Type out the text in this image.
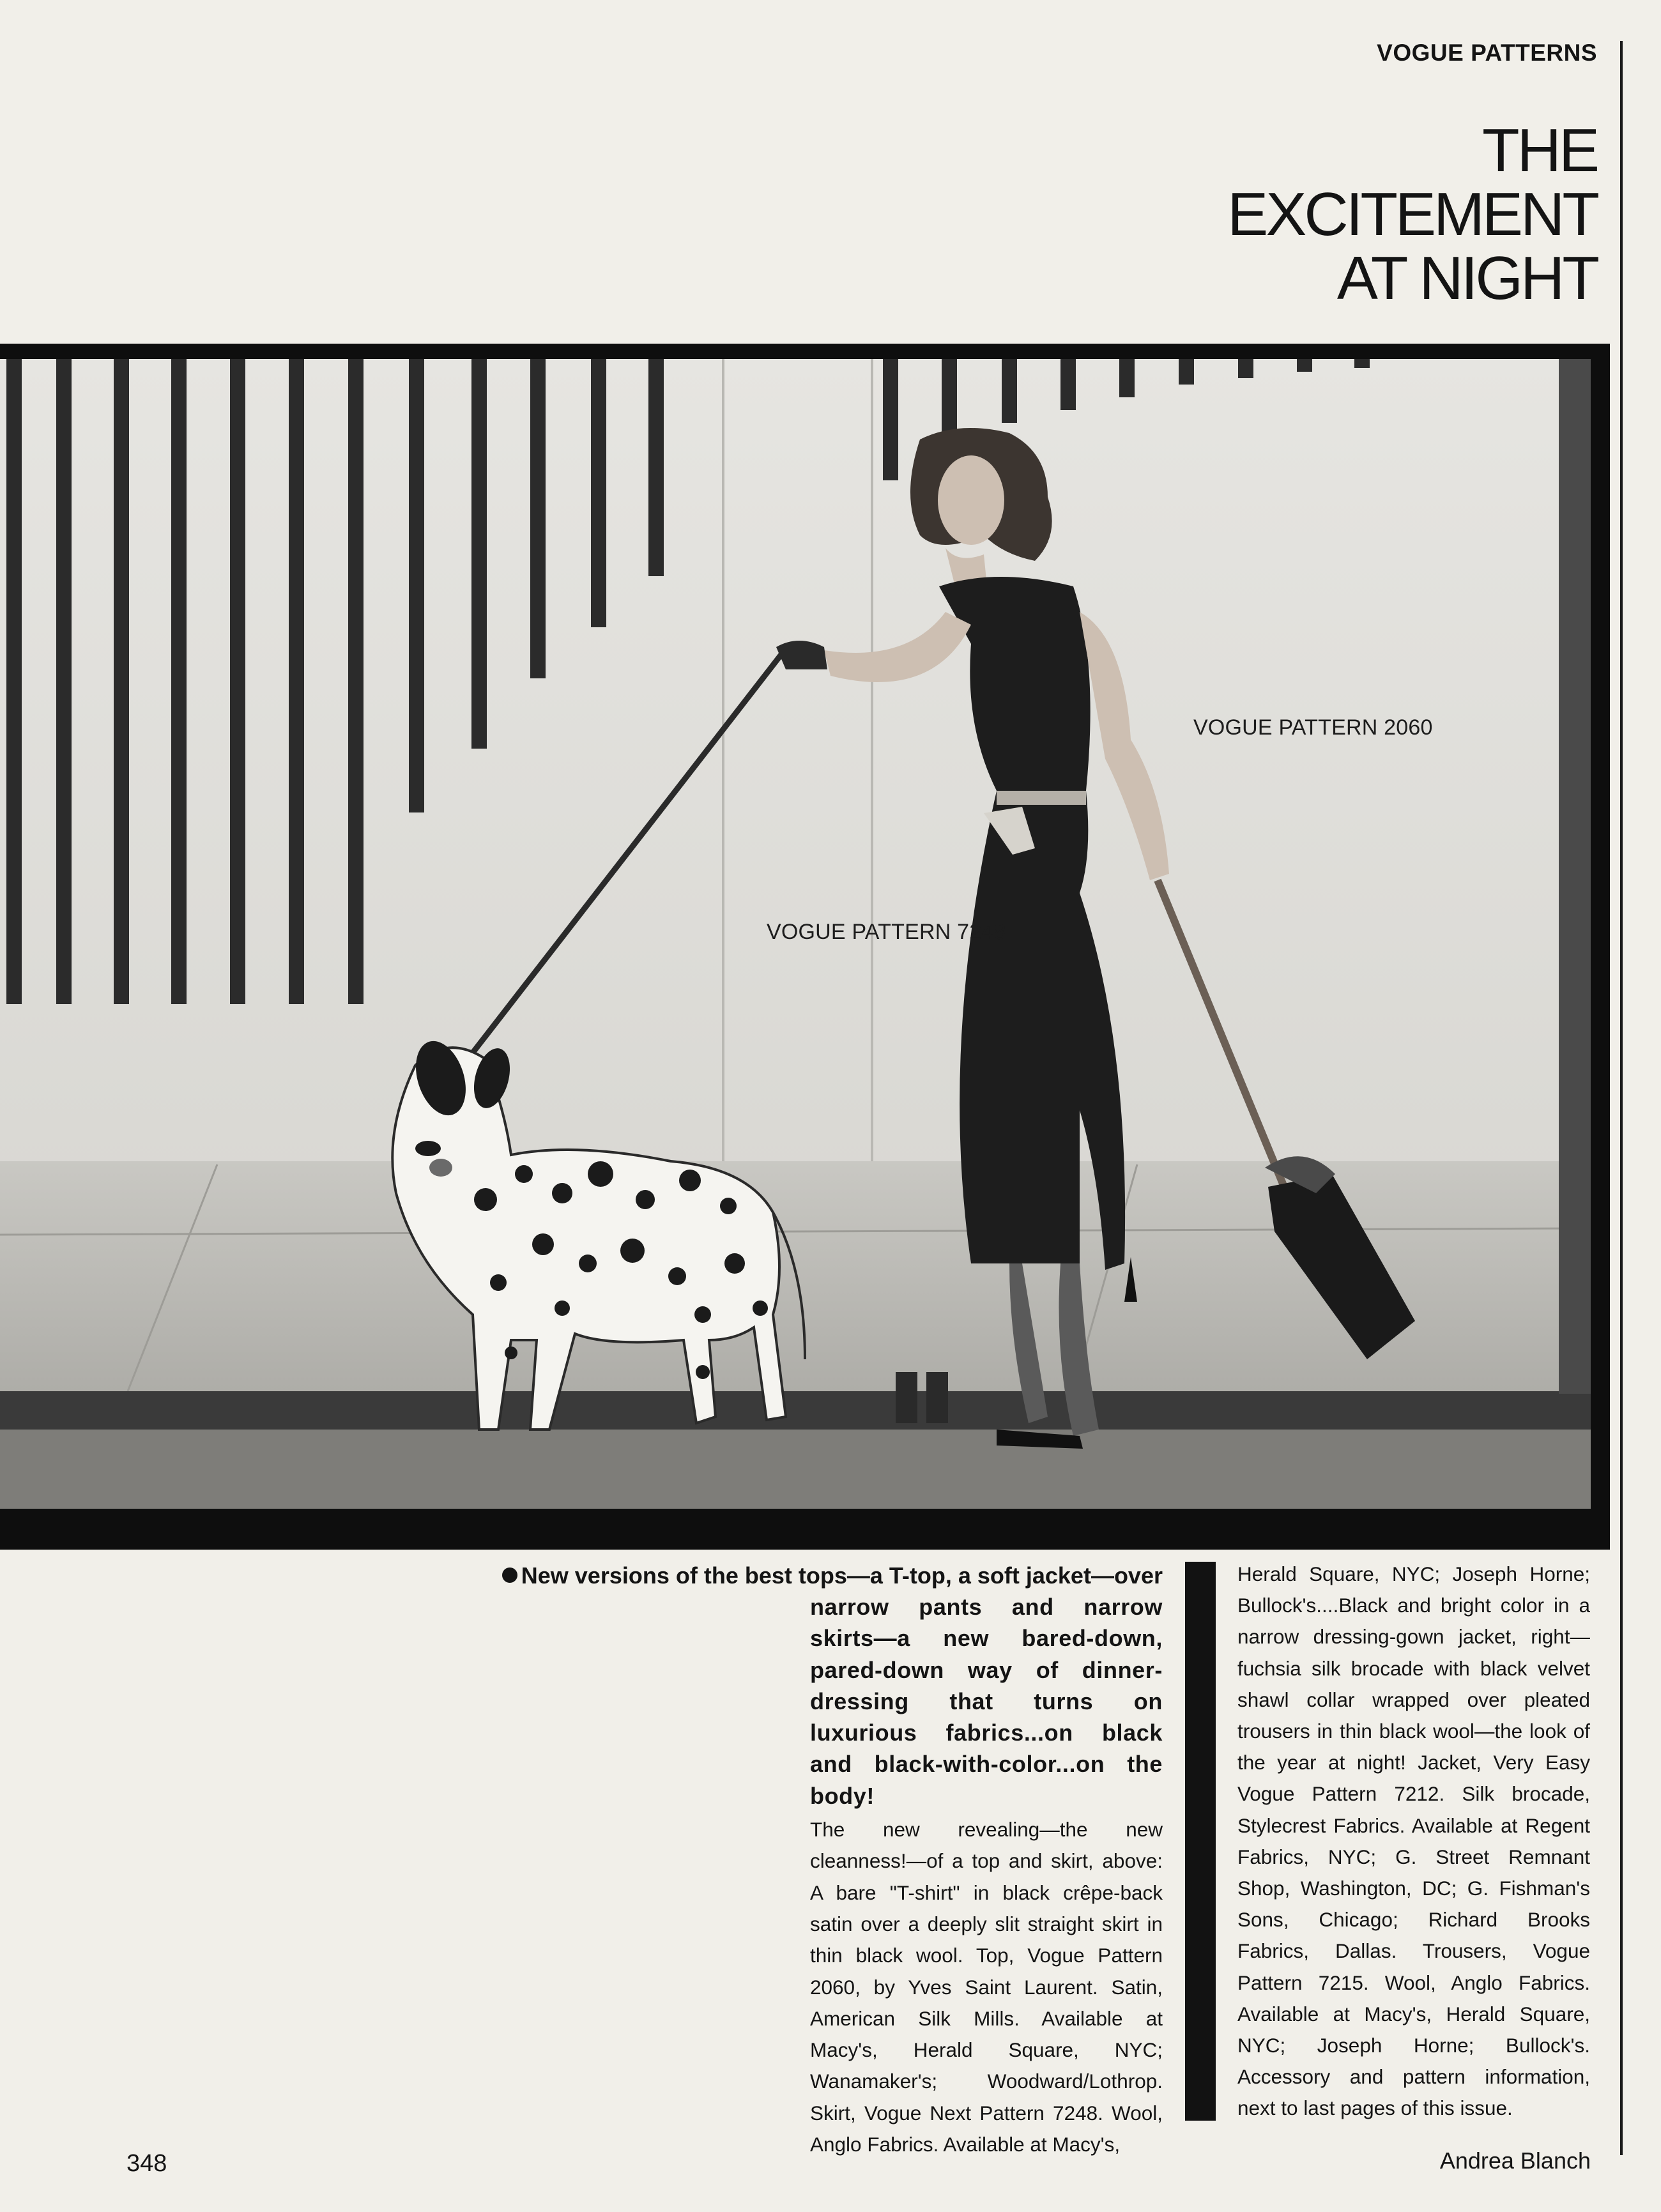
VOGUE PATTERNS
THE
EXCITEMENT
AT NIGHT
VOGUE PATTERN 2060
VOGUE PATTERN 7248
New versions of the best tops—a T-top, a soft jacket—over

narrow pants and narrow skirts—a new bared-down, pared-down way of dinner-dressing that turns on luxurious fabrics...on black and black-with-color...on the body!

The new revealing—the new cleanness!—of a top and skirt, above: A bare "T-shirt" in black crêpe-back satin over a deeply slit straight skirt in thin black wool. Top, Vogue Pattern 2060, by Yves Saint Laurent. Satin, American Silk Mills. Available at Macy's, Herald Square, NYC; Wanamaker's; Woodward/Lothrop. Skirt, Vogue Next Pattern 7248. Wool, Anglo Fabrics. Available at Macy's,

Herald Square, NYC; Joseph Horne; Bullock's....Black and bright color in a narrow dressing-gown jacket, right—fuchsia silk brocade with black velvet shawl collar wrapped over pleated trousers in thin black wool—the look of the year at night! Jacket, Very Easy Vogue Pattern 7212. Silk brocade, Stylecrest Fabrics. Available at Regent Fabrics, NYC; G. Street Remnant Shop, Washington, DC; G. Fishman's Sons, Chicago; Richard Brooks Fabrics, Dallas. Trousers, Vogue Pattern 7215. Wool, Anglo Fabrics. Available at Macy's, Herald Square, NYC; Joseph Horne; Bullock's. Accessory and pattern information, next to last pages of this issue.

348	Andrea Blanch
